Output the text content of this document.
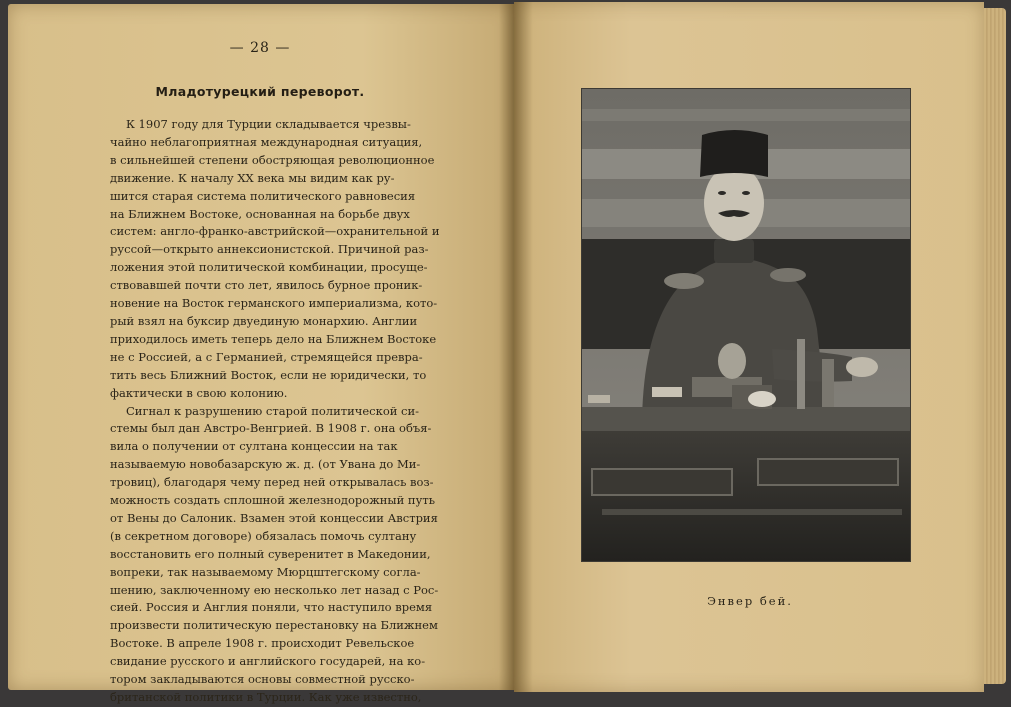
— 28 —
Младотурецкий переворот.
К 1907 году для Турции складывается чрезвы-
чайно неблагоприятная международная ситуация,
в сильнейшей степени обостряющая революционное
движение. К началу XX века мы видим как ру-
шится старая система политического равновесия
на Ближнем Востоке, основанная на борьбе двух
систем: англо-франко-австрийской—охранительной и
руссой—открыто аннексионистской. Причиной раз-
ложения этой политической комбинации, просуще-
ствовавшей почти сто лет, явилось бурное проник-
новение на Восток германского империализма, кото-
рый взял на буксир двуединую монархию. Англии
приходилось иметь теперь дело на Ближнем Востоке
не с Россией, а с Германией, стремящейся превра-
тить весь Ближний Восток, если не юридически, то
фактически в свою колонию.
Сигнал к разрушению старой политической си-
стемы был дан Австро-Венгрией. В 1908 г. она объя-
вила о получении от султана концессии на так
называемую новобазарскую ж. д. (от Увана до Ми-
тровиц), благодаря чему перед ней открывалась воз-
можность создать сплошной железнодорожный путь
от Вены до Салоник. Взамен этой концессии Австрия
(в секретном договоре) обязалась помочь султану
восстановить его полный суверенитет в Македонии,
вопреки, так называемому Мюрцштегскому согла-
шению, заключенному ею несколько лет назад с Рос-
сией. Россия и Англия поняли, что наступило время
произвести политическую перестановку на Ближнем
Востоке. В апреле 1908 г. происходит Ревельское
свидание русского и английского государей, на ко-
тором закладываются основы совместной русско-
британской политики в Турции. Как уже известно,
Энвер бей.
